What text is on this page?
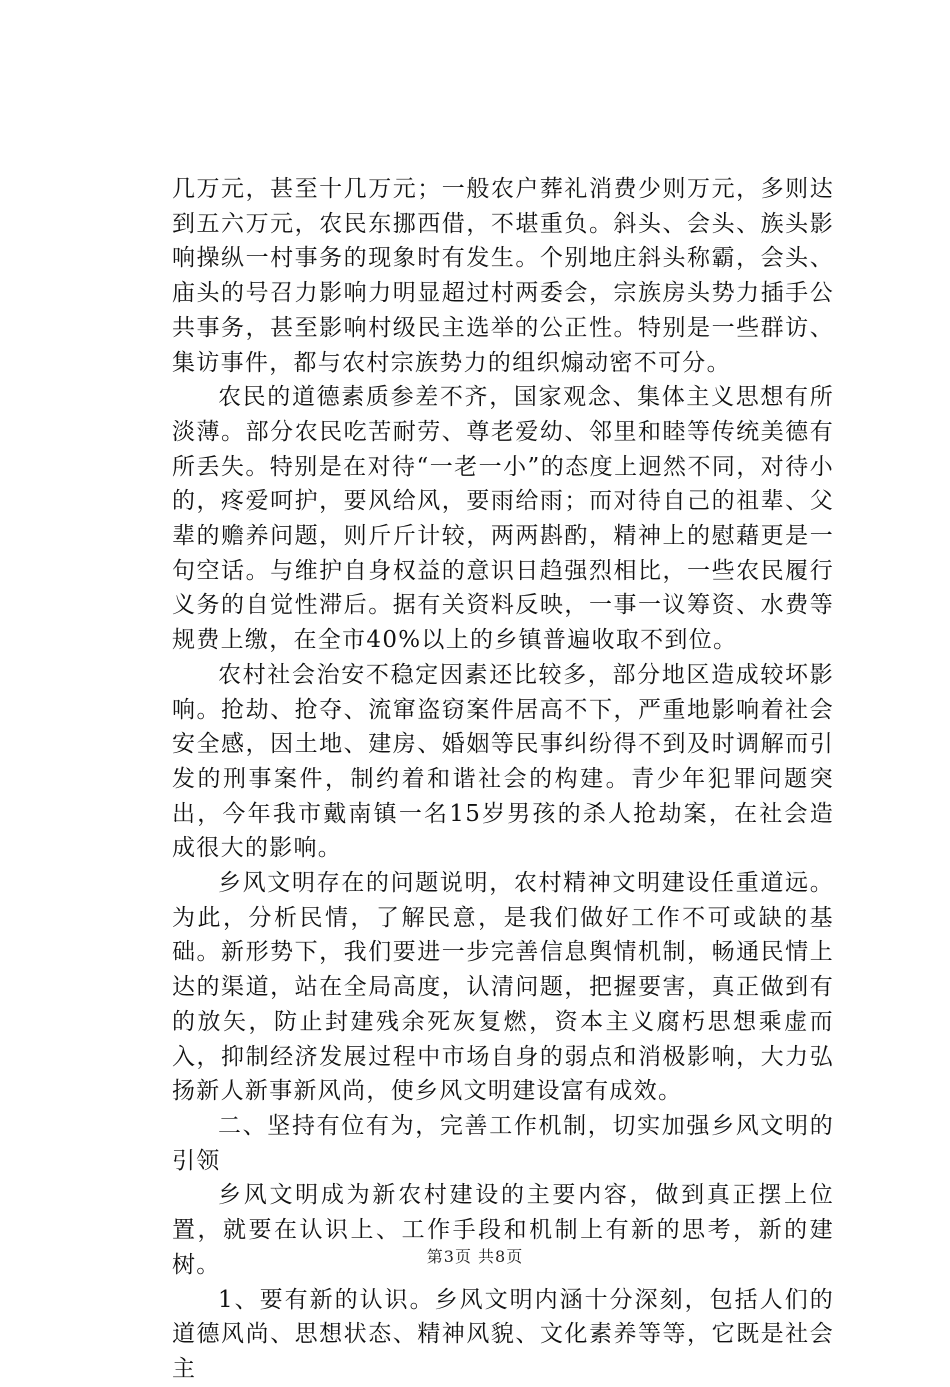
几万元，甚至十几万元；一般农户葬礼消费少则万元，多则达到五六万元，农民东挪西借，不堪重负。斜头、会头、族头影响操纵一村事务的现象时有发生。个别地庄斜头称霸，会头、庙头的号召力影响力明显超过村两委会，宗族房头势力插手公共事务，甚至影响村级民主选举的公正性。特别是一些群访、集访事件，都与农村宗族势力的组织煽动密不可分。

农民的道德素质参差不齐，国家观念、集体主义思想有所淡薄。部分农民吃苦耐劳、尊老爱幼、邻里和睦等传统美德有所丢失。特别是在对待“一老一小”的态度上迥然不同，对待小的，疼爱呵护，要风给风，要雨给雨；而对待自己的祖辈、父辈的赡养问题，则斤斤计较，两两斟酌，精神上的慰藉更是一句空话。与维护自身权益的意识日趋强烈相比，一些农民履行义务的自觉性滞后。据有关资料反映，一事一议筹资、水费等规费上缴，在全市40%以上的乡镇普遍收取不到位。

农村社会治安不稳定因素还比较多，部分地区造成较坏影响。抢劫、抢夺、流窜盗窃案件居高不下，严重地影响着社会安全感，因土地、建房、婚姻等民事纠纷得不到及时调解而引发的刑事案件，制约着和谐社会的构建。青少年犯罪问题突出，今年我市戴南镇一名15岁男孩的杀人抢劫案，在社会造成很大的影响。

乡风文明存在的问题说明，农村精神文明建设任重道远。为此，分析民情，了解民意，是我们做好工作不可或缺的基础。新形势下，我们要进一步完善信息舆情机制，畅通民情上达的渠道，站在全局高度，认清问题，把握要害，真正做到有的放矢，防止封建残余死灰复燃，资本主义腐朽思想乘虚而入，抑制经济发展过程中市场自身的弱点和消极影响，大力弘扬新人新事新风尚，使乡风文明建设富有成效。

二、坚持有位有为，完善工作机制，切实加强乡风文明的引领

乡风文明成为新农村建设的主要内容，做到真正摆上位置，就要在认识上、工作手段和机制上有新的思考，新的建树。

1、要有新的认识。乡风文明内涵十分深刻，包括人们的道德风尚、思想状态、精神风貌、文化素养等等，它既是社会主

第3页 共8页
